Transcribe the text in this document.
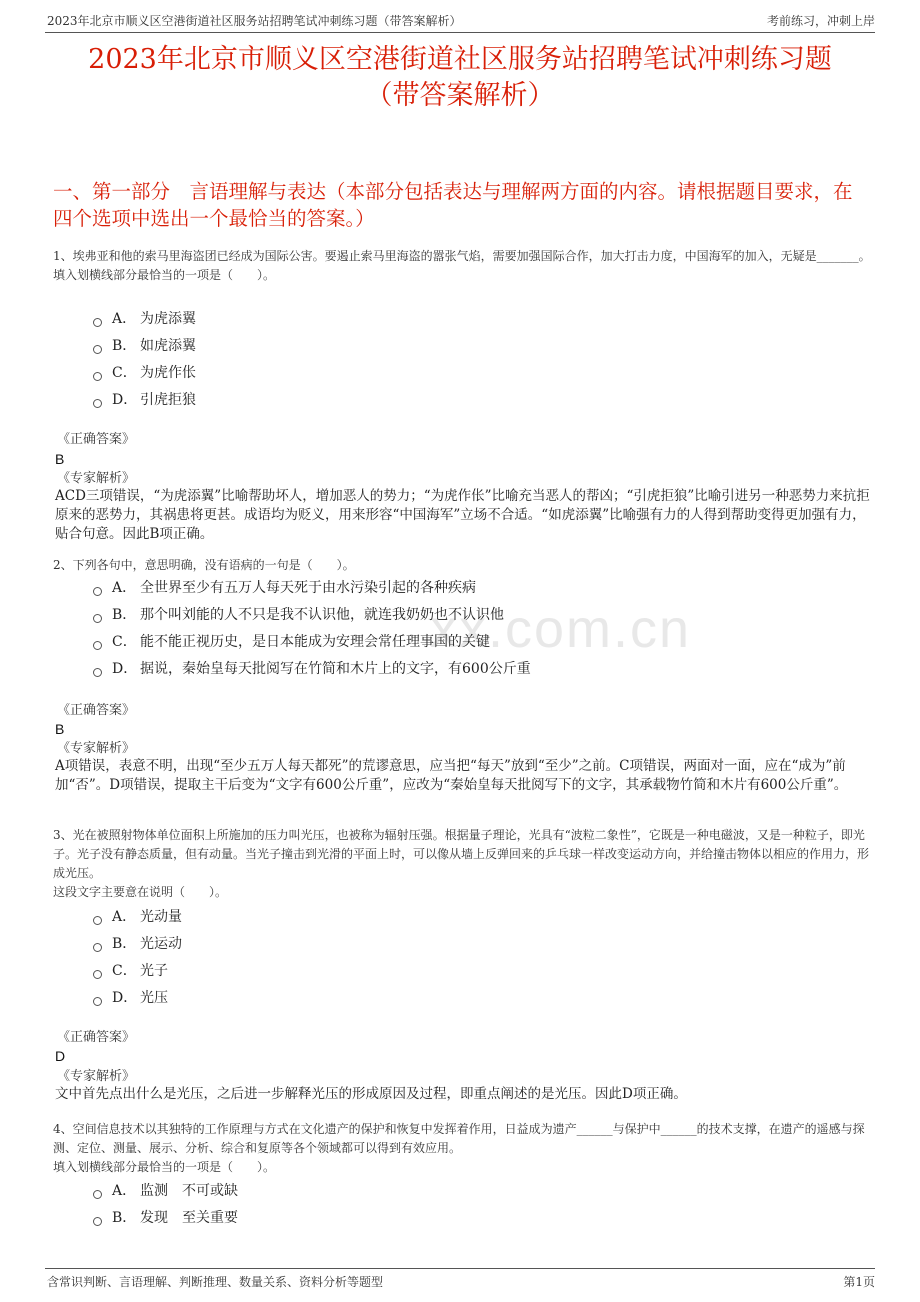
2023年北京市顺义区空港街道社区服务站招聘笔试冲刺练习题（带答案解析）	考前练习，冲刺上岸
2023年北京市顺义区空港街道社区服务站招聘笔试冲刺练习题
（带答案解析）
一、第一部分　言语理解与表达（本部分包括表达与理解两方面的内容。请根据题目要求，在四个选项中选出一个最恰当的答案。）
xx.com.cn

1、埃弗亚和他的索马里海盗团已经成为国际公害。要遏止索马里海盗的嚣张气焰，需要加强国际合作，加大打击力度，中国海军的加入，无疑是_______。

填入划横线部分最恰当的一项是（　　）。

A． 为虎添翼
B． 如虎添翼
C． 为虎作伥
D． 引虎拒狼
《正确答案》
B
《专家解析》
ACD三项错误，“为虎添翼”比喻帮助坏人，增加恶人的势力；“为虎作伥”比喻充当恶人的帮凶；“引虎拒狼”比喻引进另一种恶势力来抗拒原来的恶势力，其祸患将更甚。成语均为贬义，用来形容“中国海军”立场不合适。“如虎添翼”比喻强有力的人得到帮助变得更加强有力，贴合句意。因此B项正确。

2、下列各句中，意思明确，没有语病的一句是（　　）。

A． 全世界至少有五万人每天死于由水污染引起的各种疾病
B． 那个叫刘能的人不只是我不认识他，就连我奶奶也不认识他
C． 能不能正视历史，是日本能成为安理会常任理事国的关键
D． 据说，秦始皇每天批阅写在竹简和木片上的文字，有600公斤重
《正确答案》
B
《专家解析》
A项错误，表意不明，出现“至少五万人每天都死”的荒谬意思，应当把“每天”放到“至少”之前。C项错误，两面对一面，应在“成为”前加“否”。D项错误，提取主干后变为“文字有600公斤重”，应改为“秦始皇每天批阅写下的文字，其承载物竹简和木片有600公斤重”。

3、光在被照射物体单位面积上所施加的压力叫光压，也被称为辐射压强。根据量子理论，光具有“波粒二象性”，它既是一种电磁波，又是一种粒子，即光子。光子没有静态质量，但有动量。当光子撞击到光滑的平面上时，可以像从墙上反弹回来的乒乓球一样改变运动方向，并给撞击物体以相应的作用力，形成光压。

这段文字主要意在说明（　　）。

A． 光动量
B． 光运动
C． 光子
D． 光压
《正确答案》
D
《专家解析》
文中首先点出什么是光压，之后进一步解释光压的形成原因及过程，即重点阐述的是光压。因此D项正确。

4、空间信息技术以其独特的工作原理与方式在文化遗产的保护和恢复中发挥着作用，日益成为遗产______与保护中______的技术支撑，在遗产的遥感与探测、定位、测量、展示、分析、综合和复原等各个领域都可以得到有效应用。

填入划横线部分最恰当的一项是（　　）。

A． 监测　不可或缺
B． 发现　至关重要
含常识判断、言语理解、判断推理、数量关系、资料分析等题型	第1页
